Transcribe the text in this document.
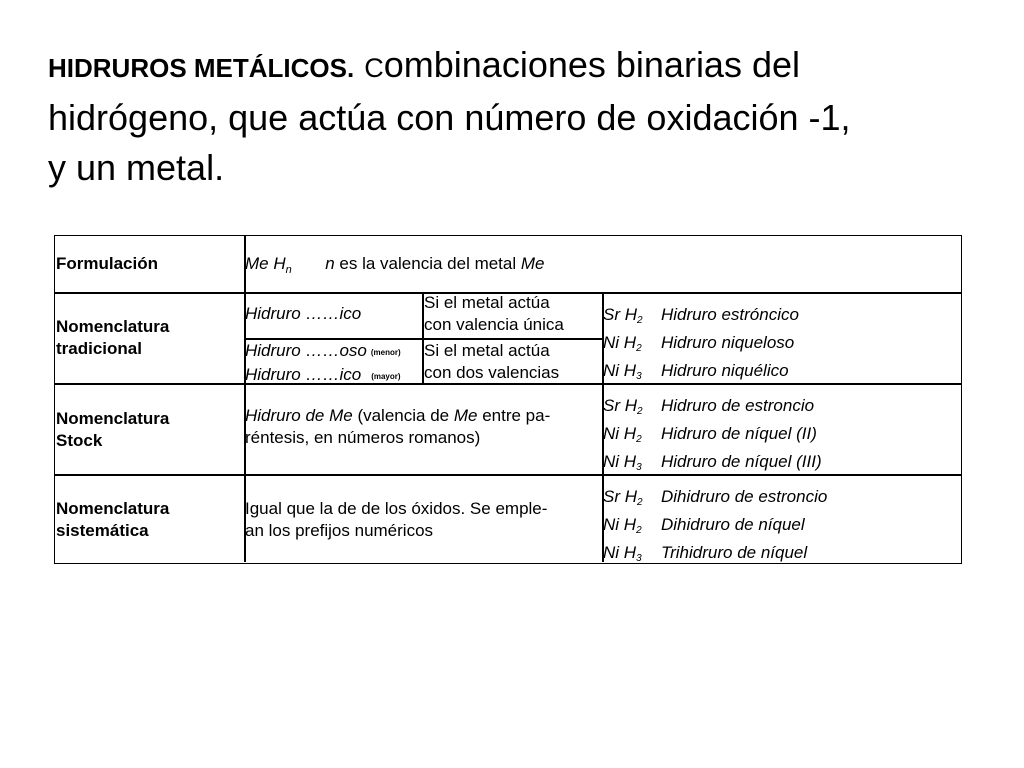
HIDRUROS METÁLICOS. Combinaciones binarias del
hidrógeno, que actúa con número de oxidación -1,
y un metal.
Formulación	Me $H_n$ n es la valencia del metal Me
Nomenclatura
tradicional
Hidruro ……ico
Si el metal actúa
con valencia única
Hidruro ……oso (menor)
Hidruro ……ico (mayor)
Si el metal actúa
con dos valencias
Sr $H_2$ Hidruro estróncico
Ni $H_2$ Hidruro niqueloso
Ni $H_3$ Hidruro niquélico
Nomenclatura
Stock
Hidruro de Me (valencia de Me entre pa-
réntesis, en números romanos)
Sr $H_2$ Hidruro de estroncio
Ni $H_2$ Hidruro de níquel (II)
Ni $H_3$ Hidruro de níquel (III)
Nomenclatura
sistemática
Igual que la de de los óxidos. Se emple-
an los prefijos numéricos
Sr $H_2$ Dihidruro de estroncio
Ni $H_2$ Dihidruro de níquel
Ni $H_3$ Trihidruro de níquel
